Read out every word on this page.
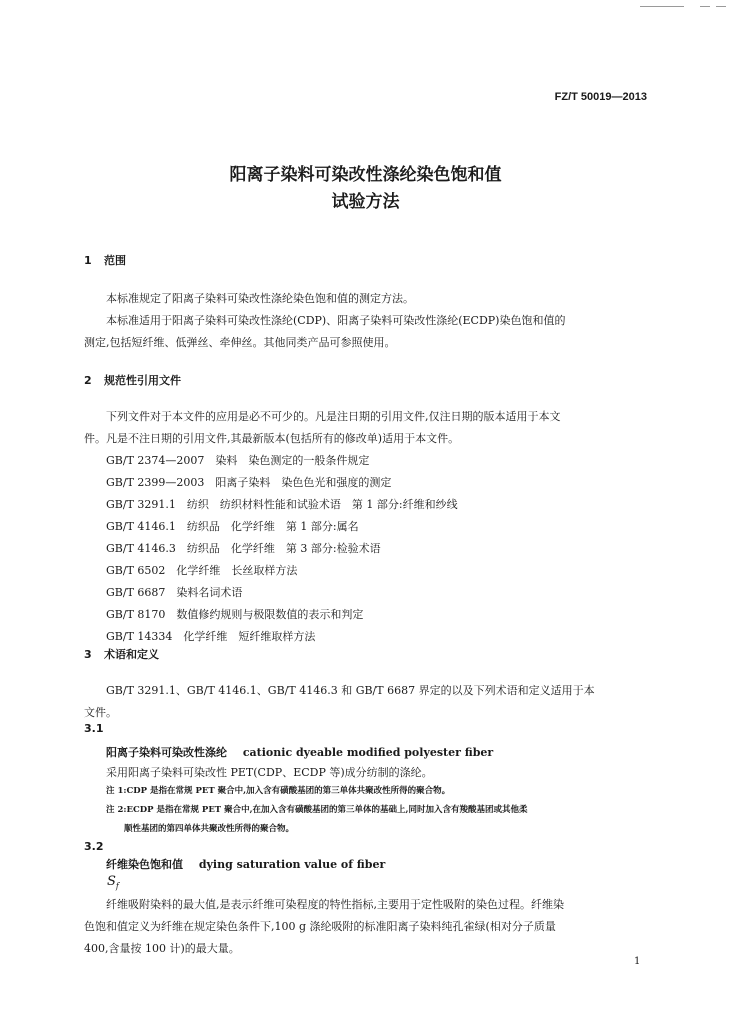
FZ/T 50019—2013
阳离子染料可染改性涤纶染色饱和值
试验方法
1 范围
本标准规定了阳离子染料可染改性涤纶染色饱和值的测定方法。
本标准适用于阳离子染料可染改性涤纶(CDP)、阳离子染料可染改性涤纶(ECDP)染色饱和值的
测定,包括短纤维、低弹丝、牵伸丝。其他同类产品可参照使用。
2 规范性引用文件
下列文件对于本文件的应用是必不可少的。凡是注日期的引用文件,仅注日期的版本适用于本文
件。凡是不注日期的引用文件,其最新版本(包括所有的修改单)适用于本文件。
GB/T 2374—2007　染料　染色测定的一般条件规定
GB/T 2399—2003　阳离子染料　染色色光和强度的测定
GB/T 3291.1　纺织　纺织材料性能和试验术语　第 1 部分:纤维和纱线
GB/T 4146.1　纺织品　化学纤维　第 1 部分:属名
GB/T 4146.3　纺织品　化学纤维　第 3 部分:检验术语
GB/T 6502　化学纤维　长丝取样方法
GB/T 6687　染料名词术语
GB/T 8170　数值修约规则与极限数值的表示和判定
GB/T 14334　化学纤维　短纤维取样方法
3 术语和定义
GB/T 3291.1、GB/T 4146.1、GB/T 4146.3 和 GB/T 6687 界定的以及下列术语和定义适用于本
文件。
3.1
阳离子染料可染改性涤纶 cationic dyeable modified polyester fiber
采用阳离子染料可染改性 PET(CDP、ECDP 等)成分纺制的涤纶。
注 1:CDP 是指在常规 PET 聚合中,加入含有磺酸基团的第三单体共聚改性所得的聚合物。
注 2:ECDP 是指在常规 PET 聚合中,在加入含有磺酸基团的第三单体的基础上,同时加入含有羧酸基团或其他柔
顺性基团的第四单体共聚改性所得的聚合物。
3.2
纤维染色饱和值 dying saturation value of fiber
$S_f$
纤维吸附染料的最大值,是表示纤维可染程度的特性指标,主要用于定性吸附的染色过程。纤维染
色饱和值定义为纤维在规定染色条件下,100 g 涤纶吸附的标准阳离子染料纯孔雀绿(相对分子质量
400,含量按 100 计)的最大量。
1
